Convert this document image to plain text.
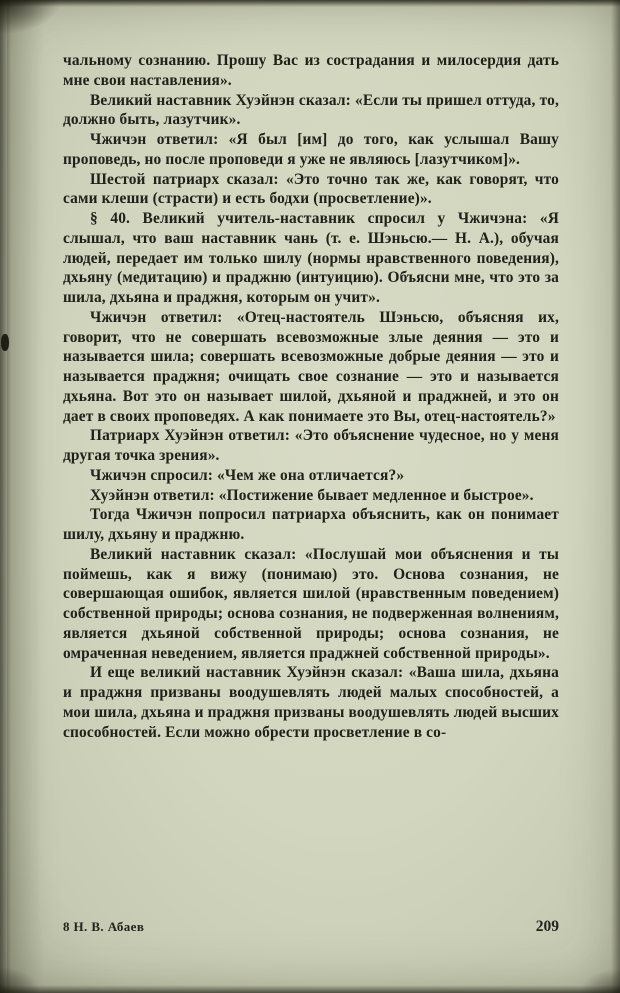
чальному сознанию. Прошу Вас из сострадания и милосердия дать мне свои наставления».

Великий наставник Хуэйнэн сказал: «Если ты пришел оттуда, то, должно быть, лазутчик».

Чжичэн ответил: «Я был [им] до того, как услышал Вашу проповедь, но после проповеди я уже не являюсь [лазутчиком]».

Шестой патриарх сказал: «Это точно так же, как говорят, что сами клеши (страсти) и есть бодхи (просветление)».

§ 40. Великий учитель-наставник спросил у Чжичэна: «Я слышал, что ваш наставник чань (т. е. Шэньсю.— Н. А.), обучая людей, передает им только шилу (нормы нравственного поведения), дхьяну (медитацию) и праджню (интуицию). Объясни мне, что это за шила, дхьяна и праджня, которым он учит».

Чжичэн ответил: «Отец-настоятель Шэньсю, объясняя их, говорит, что не совершать всевозможные злые деяния — это и называется шила; совершать всевозможные добрые деяния — это и называется праджня; очищать свое сознание — это и называется дхьяна. Вот это он называет шилой, дхьяной и праджней, и это он дает в своих проповедях. А как понимаете это Вы, отец-настоятель?»

Патриарх Хуэйнэн ответил: «Это объяснение чудесное, но у меня другая точка зрения».

Чжичэн спросил: «Чем же она отличается?»

Хуэйнэн ответил: «Постижение бывает медленное и быстрое».

Тогда Чжичэн попросил патриарха объяснить, как он понимает шилу, дхьяну и праджню.

Великий наставник сказал: «Послушай мои объяснения и ты поймешь, как я вижу (понимаю) это. Основа сознания, не совершающая ошибок, является шилой (нравственным поведением) собственной природы; основа сознания, не подверженная волнениям, является дхьяной собственной природы; основа сознания, не омраченная неведением, является праджней собственной природы».

И еще великий наставник Хуэйнэн сказал: «Ваша шила, дхьяна и праджня призваны воодушевлять людей малых способностей, а мои шила, дхьяна и праджня призваны воодушевлять людей высших способностей. Если можно обрести просветление в со-

8 Н. В. Абаев	209
